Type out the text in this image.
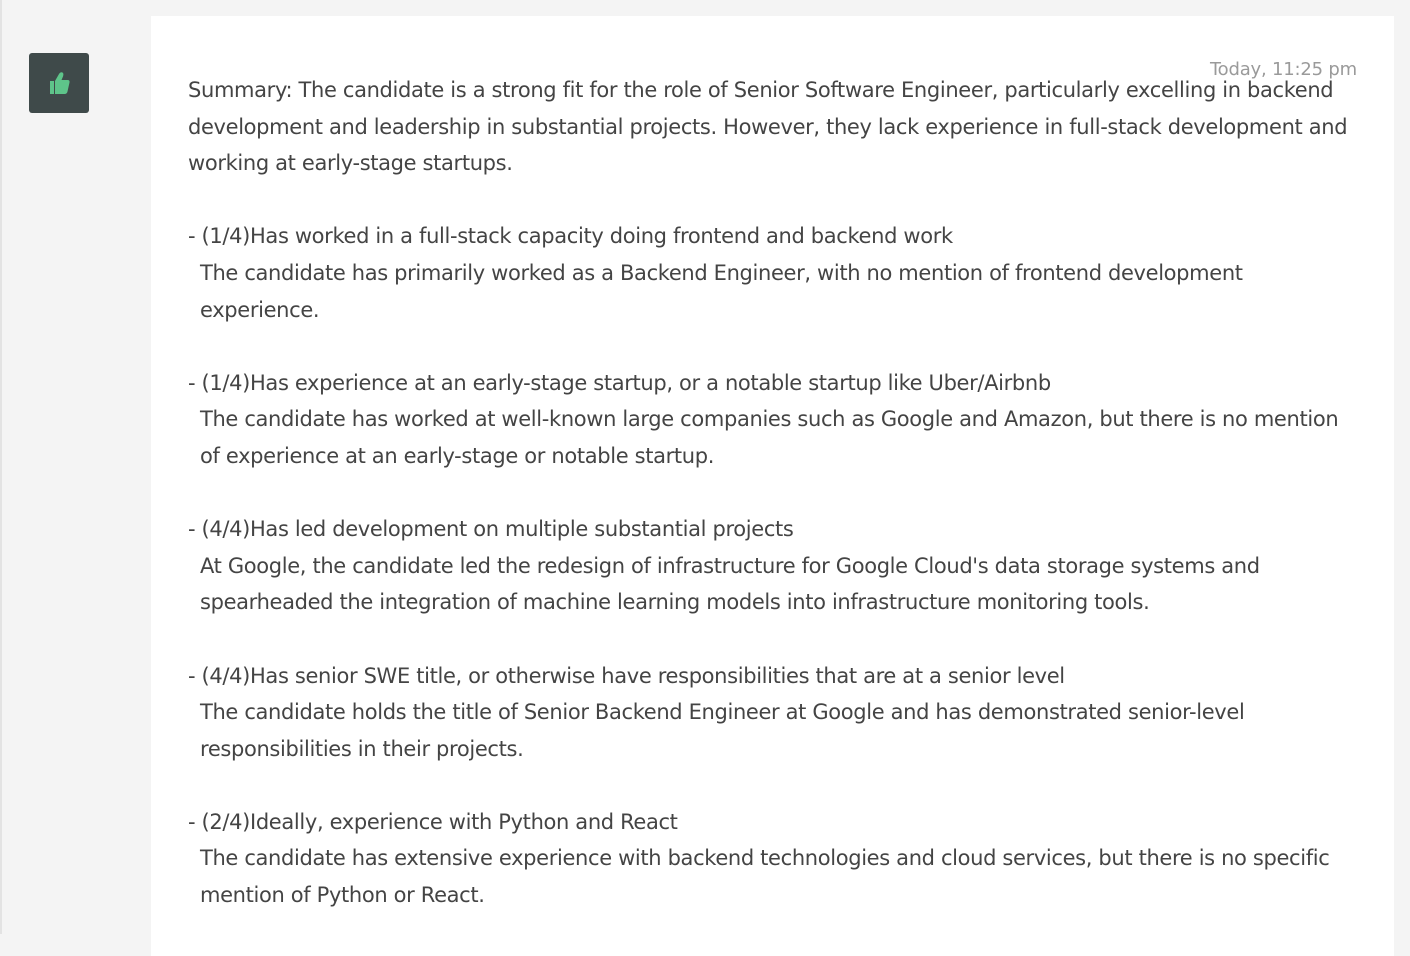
Today, 11:25 pm
Summary: The candidate is a strong fit for the role of Senior Software Engineer, particularly excelling in backend development and leadership in substantial projects. However, they lack experience in full-stack development and working at early-stage startups.
- (1/4)Has worked in a full-stack capacity doing frontend and backend work
The candidate has primarily worked as a Backend Engineer, with no mention of frontend development experience.
- (1/4)Has experience at an early-stage startup, or a notable startup like Uber/Airbnb
The candidate has worked at well-known large companies such as Google and Amazon, but there is no mention of experience at an early-stage or notable startup.
- (4/4)Has led development on multiple substantial projects
At Google, the candidate led the redesign of infrastructure for Google Cloud's data storage systems and spearheaded the integration of machine learning models into infrastructure monitoring tools.
- (4/4)Has senior SWE title, or otherwise have responsibilities that are at a senior level
The candidate holds the title of Senior Backend Engineer at Google and has demonstrated senior-level responsibilities in their projects.
- (2/4)Ideally, experience with Python and React
The candidate has extensive experience with backend technologies and cloud services, but there is no specific mention of Python or React.
